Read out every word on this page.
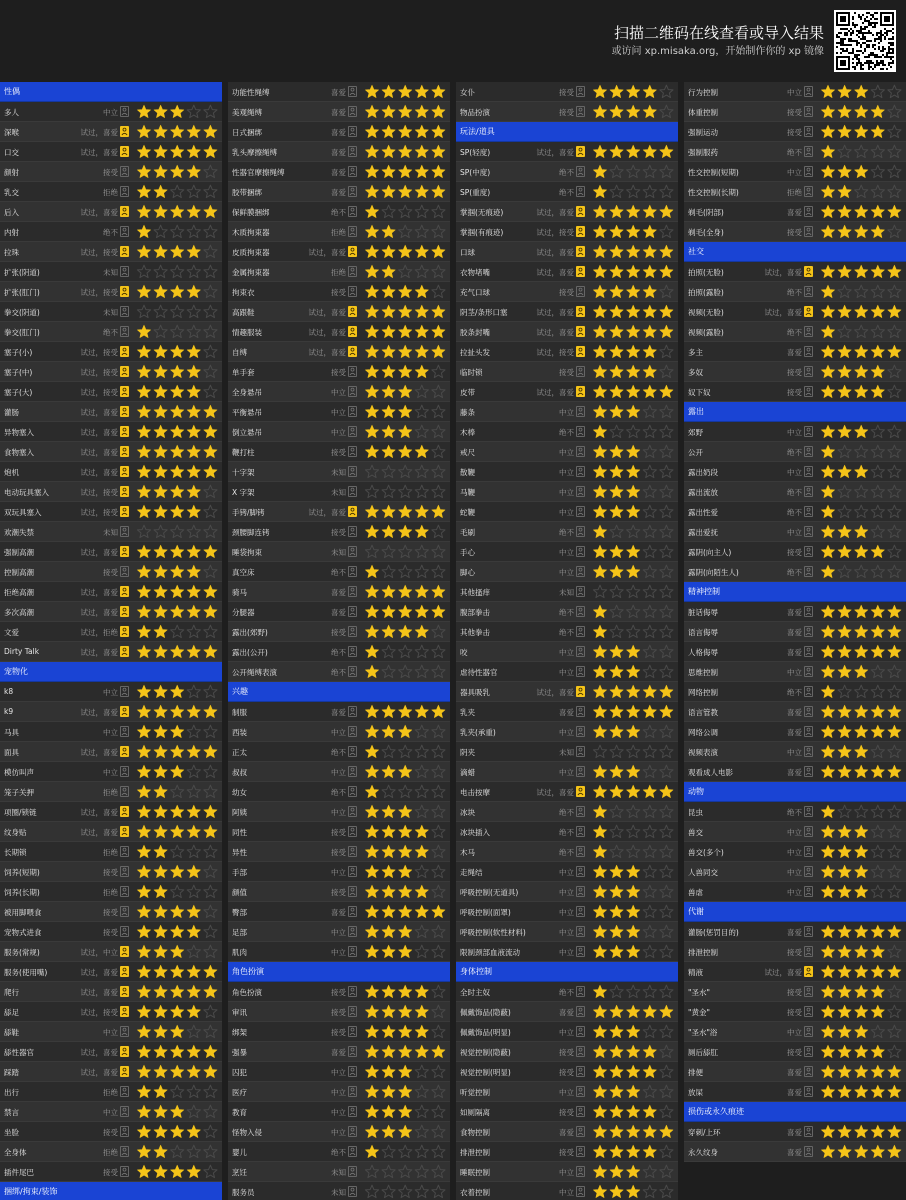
扫描二维码在线查看或导入结果
或访问 xp.misaka.org，开始制作你的 xp 镜像
性偶
多人	中立
深喉	试过，喜爱
口交	试过，喜爱
颜射	接受
乳交	拒绝
后入	试过，喜爱
内射	绝不
拉珠	试过，接受
扩张(阴道)	未知
扩张(肛门)	试过，接受
拳交(阴道)	未知
拳交(肛门)	绝不
塞子(小)	试过，接受
塞子(中)	试过，接受
塞子(大)	试过，接受
灌肠	试过，喜爱
异物塞入	试过，喜爱
食物塞入	试过，喜爱
炮机	试过，喜爱
电动玩具塞入	试过，接受
双玩具塞入	试过，接受
欢潮失禁	未知
强制高潮	试过，喜爱
控制高潮	接受
拒绝高潮	试过，喜爱
多次高潮	试过，喜爱
文爱	试过，拒绝
Dirty Talk	试过，喜爱
宠物化
k8	中立
k9	试过，喜爱
马具	中立
面具	试过，喜爱
模仿叫声	中立
笼子关押	拒绝
项圈/锁链	试过，喜爱
纹身贴	试过，喜爱
长期锁	拒绝
饲养(短期)	接受
饲养(长期)	拒绝
被用脚喂食	接受
宠物式进食	接受
服务(常规)	试过，中立
服务(使用嘴)	试过，喜爱
爬行	试过，喜爱
舔足	试过，接受
舔鞋	中立
舔性器官	试过，喜爱
踩踏	试过，喜爱
出行	拒绝
禁言	中立
坐脸	接受
全身体	拒绝
插件尾巴	接受
捆绑/拘束/装饰
功能性绳缚	喜爱
美观绳缚	喜爱
日式捆绑	喜爱
乳头摩擦绳缚	喜爱
性器官摩擦绳缚	喜爱
胶带捆绑	喜爱
保鲜膜捆绑	绝不
木质拘束器	拒绝
皮质拘束器	试过，喜爱
金属拘束器	拒绝
拘束衣	接受
高跟鞋	试过，喜爱
情趣服装	试过，喜爱
自缚	试过，喜爱
单手套	接受
全身悬吊	中立
平衡悬吊	中立
倒立悬吊	中立
鞭打柱	接受
十字架	未知
X 字架	未知
手铐/脚铐	试过，喜爱
颈腰脚连铐	接受
睡袋拘束	未知
真空床	绝不
骑马	喜爱
分腿器	喜爱
露出(郊野)	接受
露出(公开)	绝不
公开绳缚表演	绝不
兴趣
制服	喜爱
西装	中立
正太	绝不
叔叔	中立
幼女	绝不
阿姨	中立
同性	接受
异性	接受
手部	中立
颜值	接受
臀部	喜爱
足部	中立
肌肉	中立
角色扮演
角色扮演	接受
审讯	接受
绑架	接受
强暴	喜爱
囚犯	中立
医疗	中立
教育	中立
怪物入侵	中立
婴儿	绝不
烹饪	未知
服务员	未知
女仆	接受
物品扮演	接受
玩法/道具
SP(轻度)	试过，喜爱
SP(中度)	绝不
SP(重度)	绝不
掌掴(无痕迹)	试过，喜爱
掌掴(有痕迹)	试过，接受
口球	试过，喜爱
衣物堵嘴	试过，喜爱
充气口球	接受
阴茎/条形口塞	试过，喜爱
胶条封嘴	试过，喜爱
拉扯头发	试过，接受
临时锁	接受
皮带	试过，喜爱
藤条	中立
木棒	绝不
戒尺	中立
散鞭	中立
马鞭	中立
蛇鞭	中立
毛刷	绝不
手心	中立
脚心	中立
其他搔痒	未知
腹部拳击	绝不
其他拳击	绝不
咬	中立
虐待性器官	中立
器具吸乳	试过，喜爱
乳夹	喜爱
乳夹(承重)	中立
阴夹	未知
滴蜡	中立
电击按摩	试过，喜爱
冰块	绝不
冰块插入	绝不
木马	绝不
走绳结	中立
呼吸控制(无道具)	中立
呼吸控制(面罩)	中立
呼吸控制(软性材料)	中立
限制颈部血液流动	中立
身体控制
全时主奴	绝不
佩戴饰品(隐蔽)	喜爱
佩戴饰品(明显)	中立
视觉控制(隐蔽)	接受
视觉控制(明显)	接受
听觉控制	中立
如厕隔离	接受
食物控制	喜爱
排泄控制	接受
睡眠控制	中立
衣着控制	中立
行为控制	中立
体重控制	接受
强制运动	接受
强制服药	绝不
性交控制(短期)	中立
性交控制(长期)	拒绝
剃毛(阴部)	喜爱
剃毛(全身)	接受
社交
拍照(无脸)	试过，喜爱
拍照(露脸)	绝不
视频(无脸)	试过，喜爱
视频(露脸)	绝不
多主	喜爱
多奴	接受
奴下奴	接受
露出
郊野	中立
公开	绝不
露出奶段	中立
露出流放	绝不
露出性爱	绝不
露出爱抚	中立
露阴(向主人)	接受
露阴(向陌生人)	绝不
精神控制
脏话侮辱	喜爱
语言侮辱	喜爱
人格侮辱	喜爱
思维控制	中立
网络控制	绝不
语言管教	喜爱
网络公调	喜爱
视频表演	中立
观看成人电影	喜爱
动物
昆虫	绝不
兽交	中立
兽交(多个)	中立
人兽同交	中立
兽虐	中立
代谢
灌肠(惩罚目的)	喜爱
排泄控制	接受
精液	试过，喜爱
"圣水"	接受
"黄金"	接受
"圣水"浴	中立
厕后舔肛	接受
排便	喜爱
放屎	喜爱
损伤或永久痕迹
穿刺/上环	喜爱
永久纹身	喜爱
